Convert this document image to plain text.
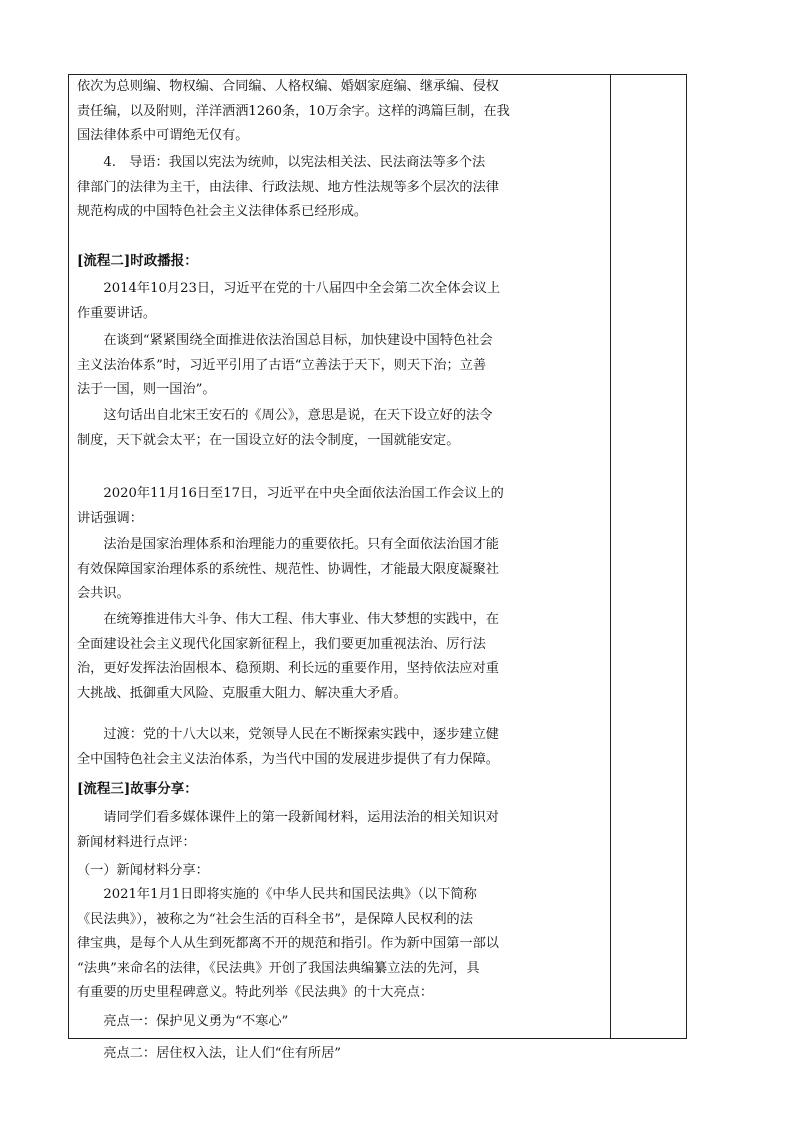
依次为总则编、物权编、合同编、人格权编、婚姻家庭编、继承编、侵权
责任编，以及附则，洋洋洒洒1260条，10万余字。这样的鸿篇巨制，在我
国法律体系中可谓绝无仅有。

　　4.　导语：我国以宪法为统帅，以宪法相关法、民法商法等多个法
律部门的法律为主干，由法律、行政法规、地方性法规等多个层次的法律
规范构成的中国特色社会主义法律体系已经形成。

[流程二]时政播报：

　　2014年10月23日，习近平在党的十八届四中全会第二次全体会议上
作重要讲话。

　　在谈到“紧紧围绕全面推进依法治国总目标，加快建设中国特色社会
主义法治体系”时，习近平引用了古语“立善法于天下，则天下治；立善
法于一国，则一国治”。

　　这句话出自北宋王安石的《周公》，意思是说，在天下设立好的法令
制度，天下就会太平；在一国设立好的法令制度，一国就能安定。

　　2020年11月16日至17日，习近平在中央全面依法治国工作会议上的
讲话强调：

　　法治是国家治理体系和治理能力的重要依托。只有全面依法治国才能
有效保障国家治理体系的系统性、规范性、协调性，才能最大限度凝聚社
会共识。

　　在统筹推进伟大斗争、伟大工程、伟大事业、伟大梦想的实践中，在
全面建设社会主义现代化国家新征程上，我们要更加重视法治、厉行法
治，更好发挥法治固根本、稳预期、利长远的重要作用，坚持依法应对重
大挑战、抵御重大风险、克服重大阻力、解决重大矛盾。

　　过渡：党的十八大以来，党领导人民在不断探索实践中，逐步建立健
全中国特色社会主义法治体系，为当代中国的发展进步提供了有力保障。

[流程三]故事分享：

　　请同学们看多媒体课件上的第一段新闻材料，运用法治的相关知识对
新闻材料进行点评：

（一）新闻材料分享：

　　2021年1月1日即将实施的《中华人民共和国民法典》（以下简称
《民法典》），被称之为“社会生活的百科全书”，是保障人民权利的法
律宝典，是每个人从生到死都离不开的规范和指引。作为新中国第一部以
“法典”来命名的法律，《民法典》开创了我国法典编纂立法的先河，具
有重要的历史里程碑意义。特此列举《民法典》的十大亮点：

　　亮点一：保护见义勇为“不寒心”

　　亮点二：居住权入法，让人们“住有所居”
